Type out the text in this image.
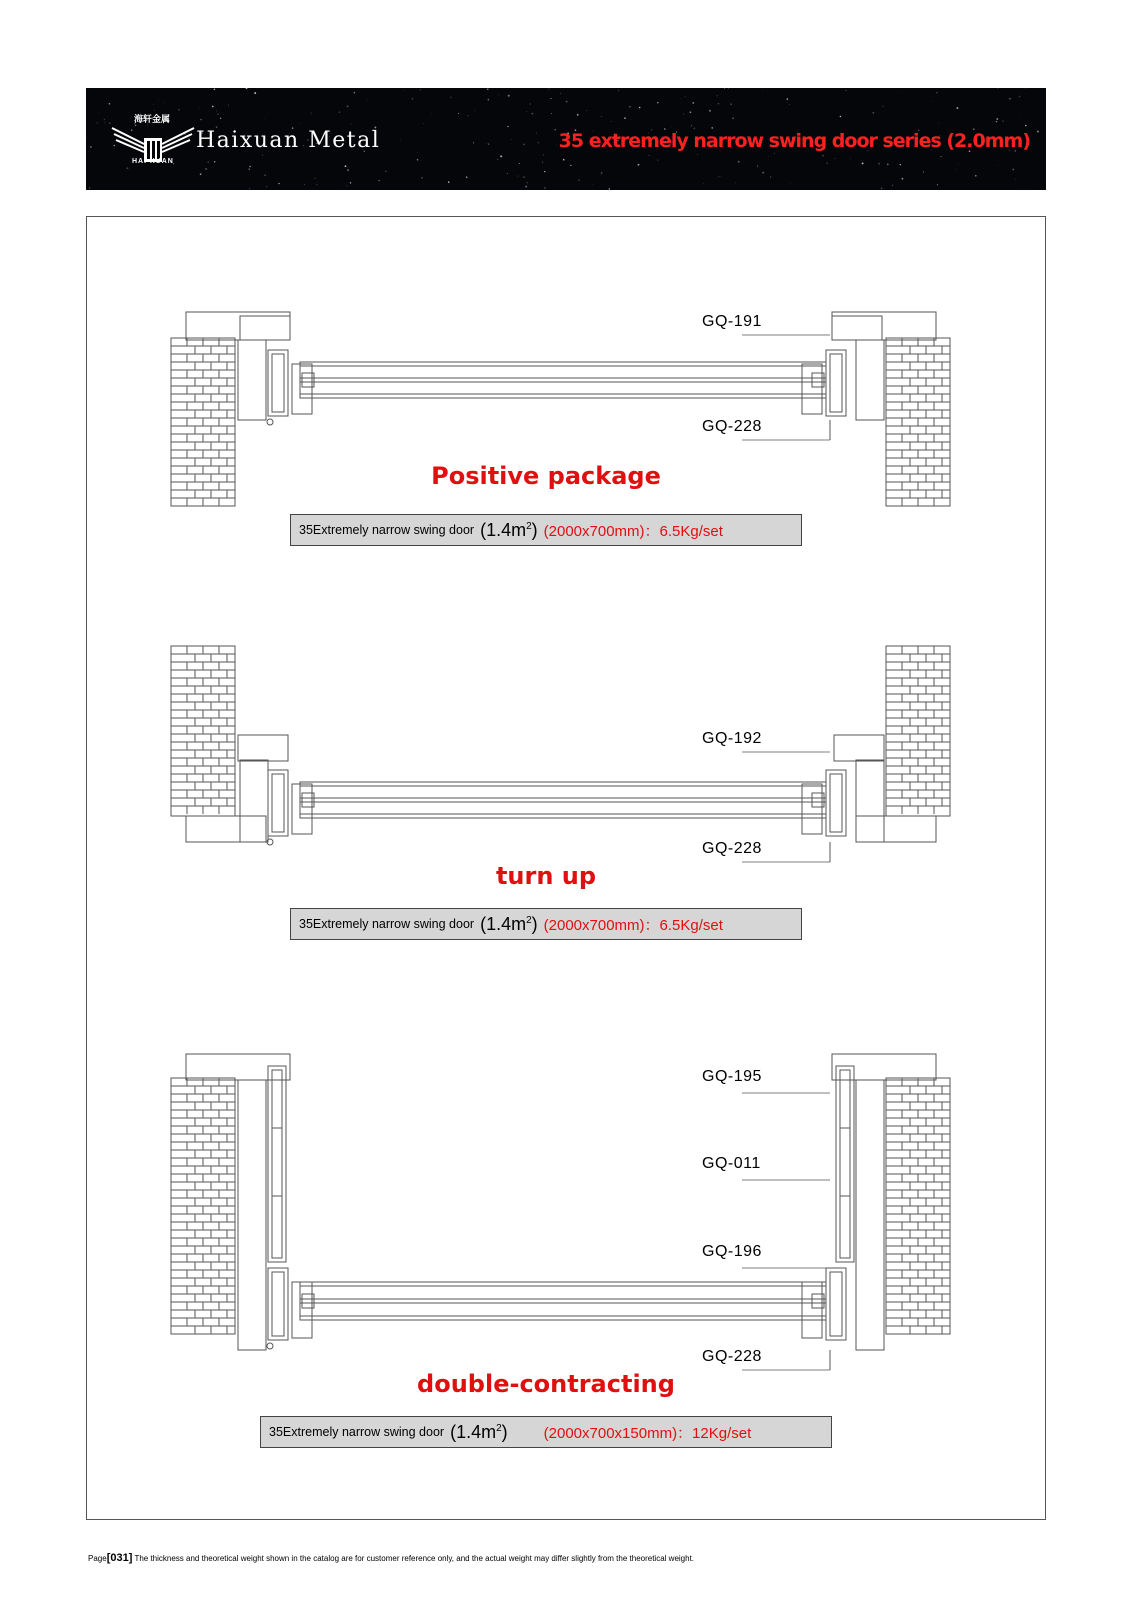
海轩金属
HAI XUAN
Haixuan Metal	35 extremely narrow swing door series (2.0mm)
GQ-191
GQ-228
Positive package
35Extremely narrow swing door $(1.4m^2)$ (2000x700mm)：6.5Kg/set
GQ-192
GQ-228
turn up
35Extremely narrow swing door $(1.4m^2)$ (2000x700mm)：6.5Kg/set
GQ-195
GQ-011
GQ-196
GQ-228
double-contracting
35Extremely narrow swing door $(1.4m^2)$ (2000x700x150mm)：12Kg/set
Page[031] The thickness and theoretical weight shown in the catalog are for customer reference only, and the actual weight may differ slightly from the theoretical weight.
